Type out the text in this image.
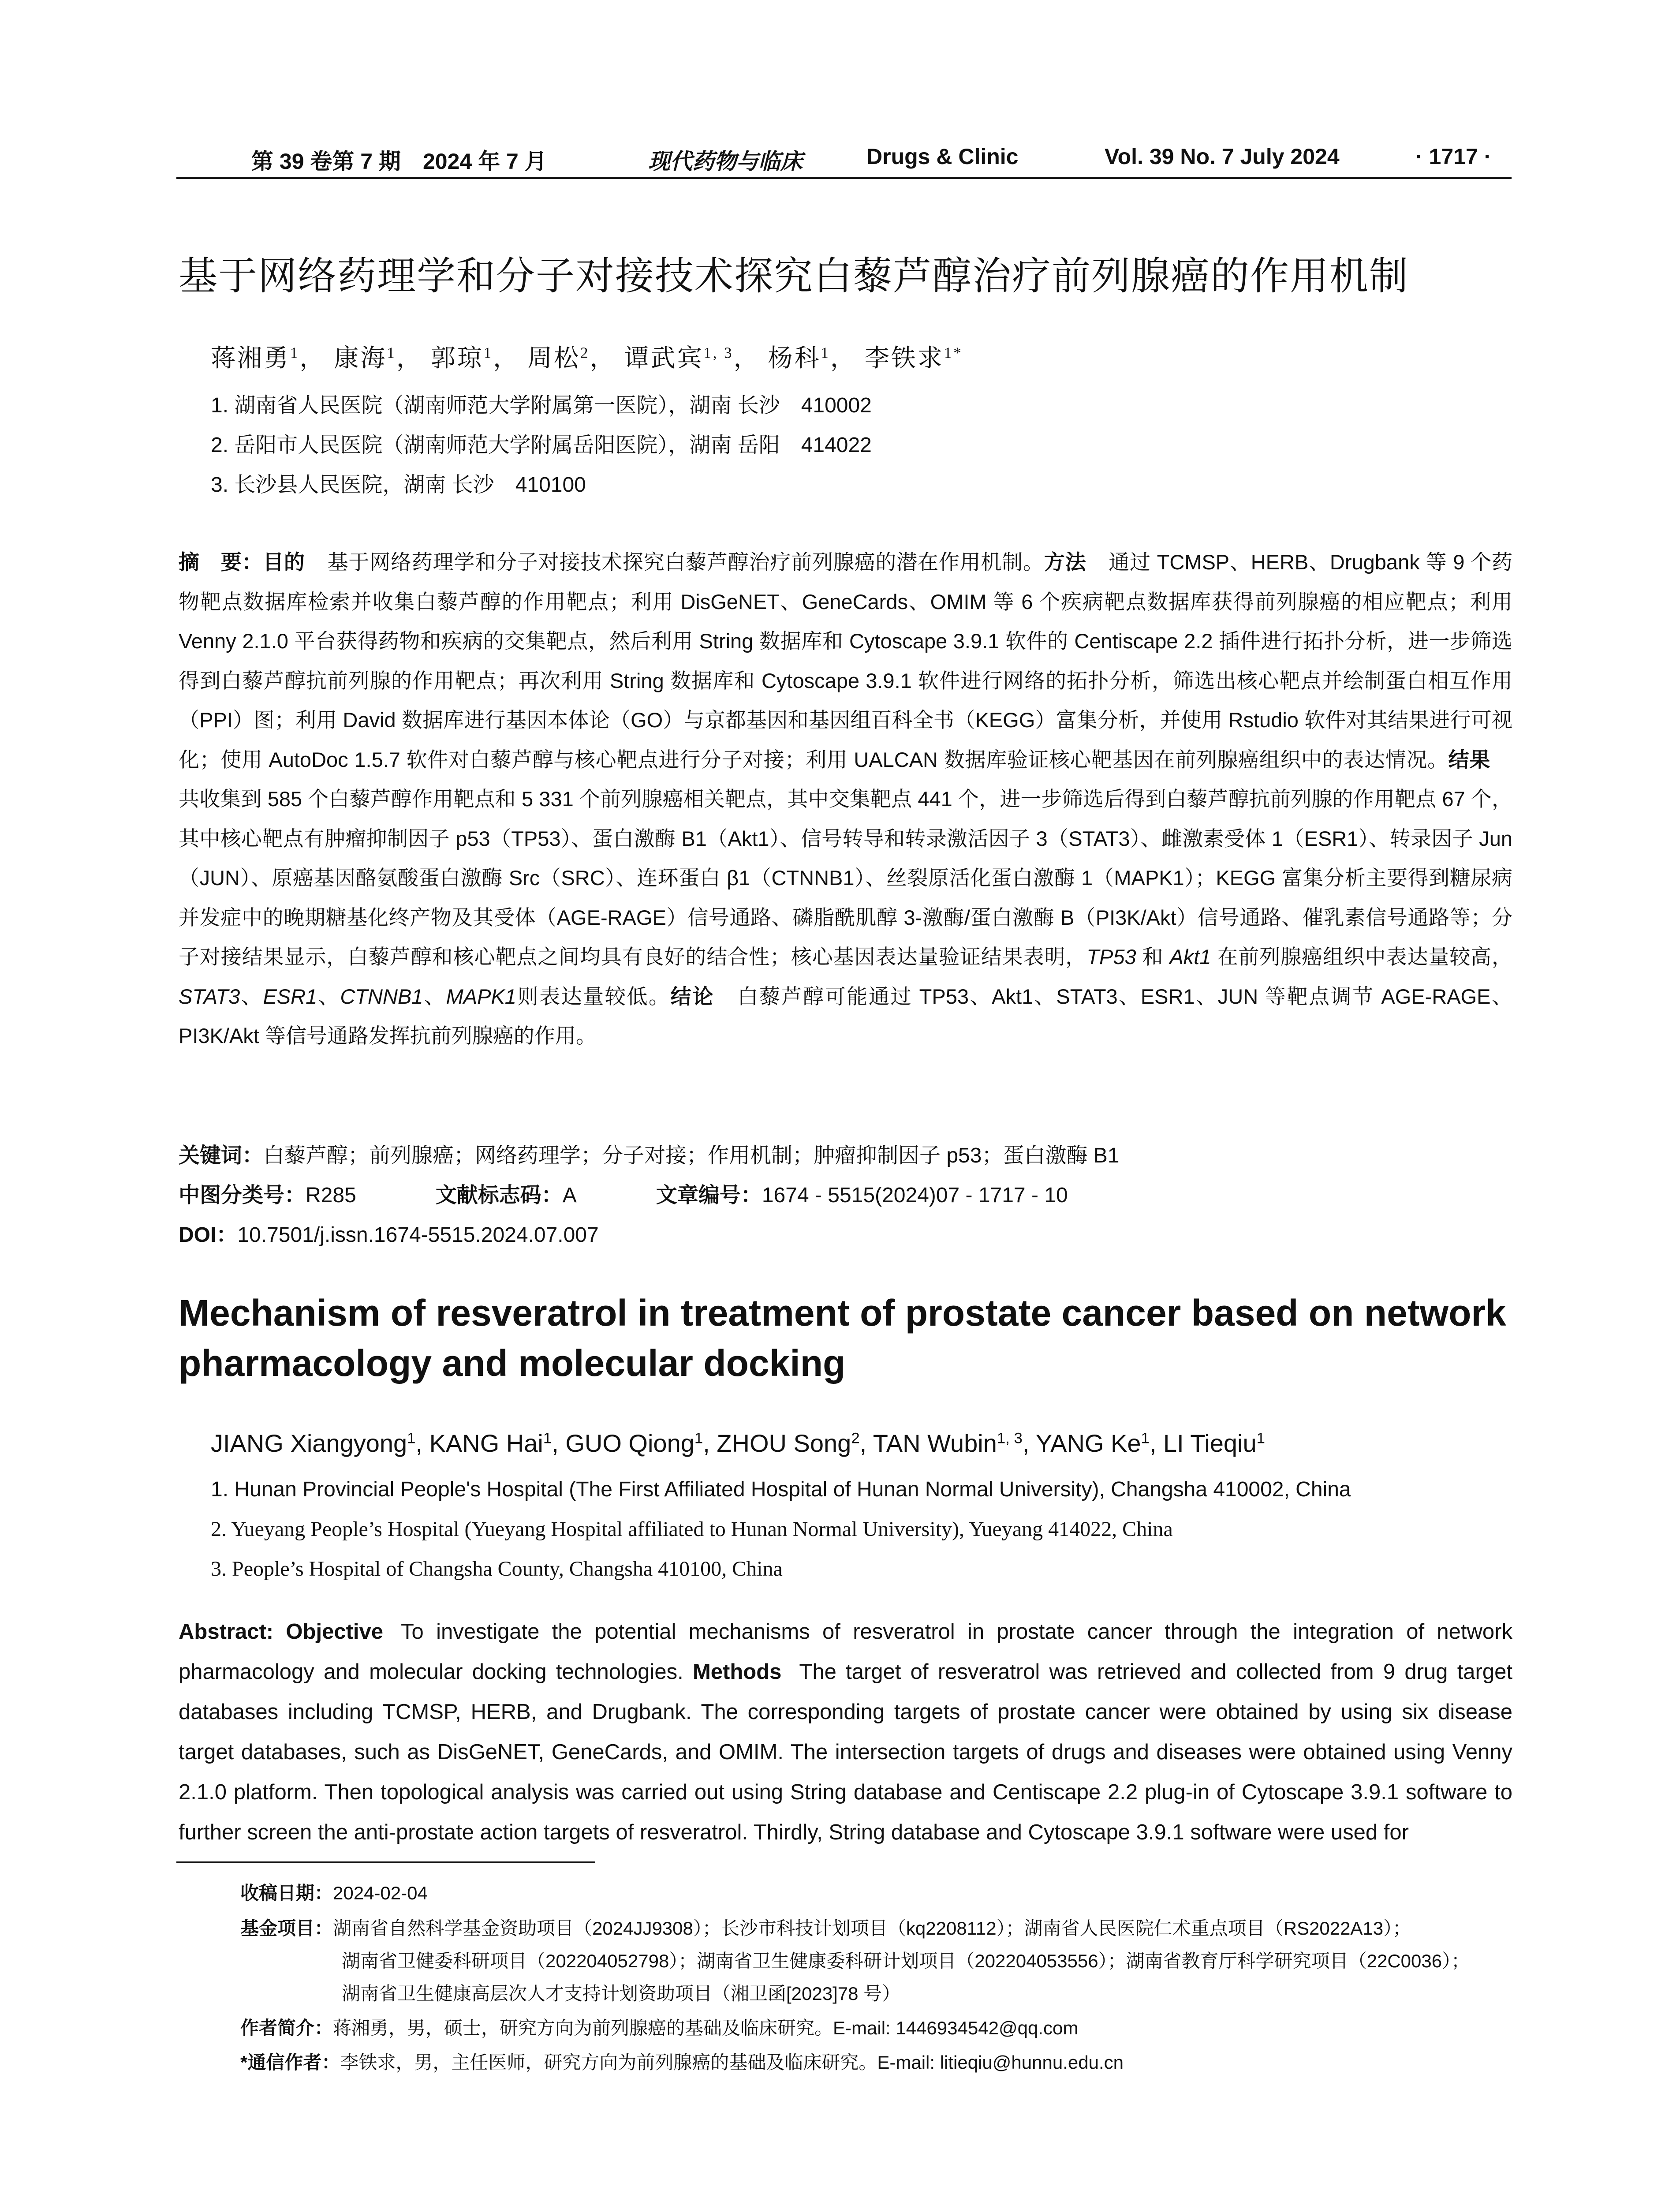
第 39 卷第 7 期　2024 年 7 月	现代药物与临床	Drugs & Clinic	Vol. 39 No. 7 July 2024	· 1717 ·
基于网络药理学和分子对接技术探究白藜芦醇治疗前列腺癌的作用机制
蒋湘勇$^1$， 康海$^1$， 郭琼$^1$， 周松$^2$， 谭武宾$^{1, 3}$， 杨科$^1$， 李铁求$^{1*}$
1. 湖南省人民医院（湖南师范大学附属第一医院），湖南 长沙　410002
2. 岳阳市人民医院（湖南师范大学附属岳阳医院），湖南 岳阳　414022
3. 长沙县人民医院，湖南 长沙　410100
摘　要：目的 基于网络药理学和分子对接技术探究白藜芦醇治疗前列腺癌的潜在作用机制。方法 通过 TCMSP、HERB、Drugbank 等 9 个药物靶点数据库检索并收集白藜芦醇的作用靶点；利用 DisGeNET、GeneCards、OMIM 等 6 个疾病靶点数据库获得前列腺癌的相应靶点；利用 Venny 2.1.0 平台获得药物和疾病的交集靶点，然后利用 String 数据库和 Cytoscape 3.9.1 软件的 Centiscape 2.2 插件进行拓扑分析，进一步筛选得到白藜芦醇抗前列腺的作用靶点；再次利用 String 数据库和 Cytoscape 3.9.1 软件进行网络的拓扑分析，筛选出核心靶点并绘制蛋白相互作用（PPI）图；利用 David 数据库进行基因本体论（GO）与京都基因和基因组百科全书（KEGG）富集分析，并使用 Rstudio 软件对其结果进行可视化；使用 AutoDoc 1.5.7 软件对白藜芦醇与核心靶点进行分子对接；利用 UALCAN 数据库验证核心靶基因在前列腺癌组织中的表达情况。结果共收集到 585 个白藜芦醇作用靶点和 5 331 个前列腺癌相关靶点，其中交集靶点 441 个，进一步筛选后得到白藜芦醇抗前列腺的作用靶点 67 个，其中核心靶点有肿瘤抑制因子 p53（TP53）、蛋白激酶 B1（Akt1）、信号转导和转录激活因子 3（STAT3）、雌激素受体 1（ESR1）、转录因子 Jun（JUN）、原癌基因酪氨酸蛋白激酶 Src（SRC）、连环蛋白 β1（CTNNB1）、丝裂原活化蛋白激酶 1（MAPK1）；KEGG 富集分析主要得到糖尿病并发症中的晚期糖基化终产物及其受体（AGE-RAGE）信号通路、磷脂酰肌醇 3-激酶/蛋白激酶 B（PI3K/Akt）信号通路、催乳素信号通路等；分子对接结果显示，白藜芦醇和核心靶点之间均具有良好的结合性；核心基因表达量验证结果表明，TP53 和 Akt1 在前列腺癌组织中表达量较高，STAT3、ESR1、CTNNB1、MAPK1则表达量较低。结论 白藜芦醇可能通过 TP53、Akt1、STAT3、ESR1、JUN 等靶点调节 AGE-RAGE、PI3K/Akt 等信号通路发挥抗前列腺癌的作用。
关键词：白藜芦醇；前列腺癌；网络药理学；分子对接；作用机制；肿瘤抑制因子 p53；蛋白激酶 B1
中图分类号：R285	文献标志码：A	文章编号：1674 - 5515(2024)07 - 1717 - 10
DOI：10.7501/j.issn.1674-5515.2024.07.007
Mechanism of resveratrol in treatment of prostate cancer based on network pharmacology and molecular docking
JIANG Xiangyong$^1$, KANG Hai$^1$, GUO Qiong$^1$, ZHOU Song$^2$, TAN Wubin$^{1, 3}$, YANG Ke$^1$, LI Tieqiu$^1$
1. Hunan Provincial People's Hospital (The First Affiliated Hospital of Hunan Normal University), Changsha 410002, China
2. Yueyang People’s Hospital (Yueyang Hospital affiliated to Hunan Normal University), Yueyang 414022, China
3. People’s Hospital of Changsha County, Changsha 410100, China
Abstract: Objective To investigate the potential mechanisms of resveratrol in prostate cancer through the integration of network pharmacology and molecular docking technologies. Methods The target of resveratrol was retrieved and collected from 9 drug target databases including TCMSP, HERB, and Drugbank. The corresponding targets of prostate cancer were obtained by using six disease target databases, such as DisGeNET, GeneCards, and OMIM. The intersection targets of drugs and diseases were obtained using Venny 2.1.0 platform. Then topological analysis was carried out using String database and Centiscape 2.2 plug-in of Cytoscape 3.9.1 software to further screen the anti-prostate action targets of resveratrol. Thirdly, String database and Cytoscape 3.9.1 software were used for
收稿日期：2024-02-04
基金项目：湖南省自然科学基金资助项目（2024JJ9308）；长沙市科技计划项目（kq2208112）；湖南省人民医院仁术重点项目（RS2022A13）；
湖南省卫健委科研项目（202204052798）；湖南省卫生健康委科研计划项目（202204053556）；湖南省教育厅科学研究项目（22C0036）；
湖南省卫生健康高层次人才支持计划资助项目（湘卫函[2023]78 号）
作者简介：蒋湘勇，男，硕士，研究方向为前列腺癌的基础及临床研究。E-mail: 1446934542@qq.com
*通信作者：李铁求，男，主任医师，研究方向为前列腺癌的基础及临床研究。E-mail: litieqiu@hunnu.edu.cn
